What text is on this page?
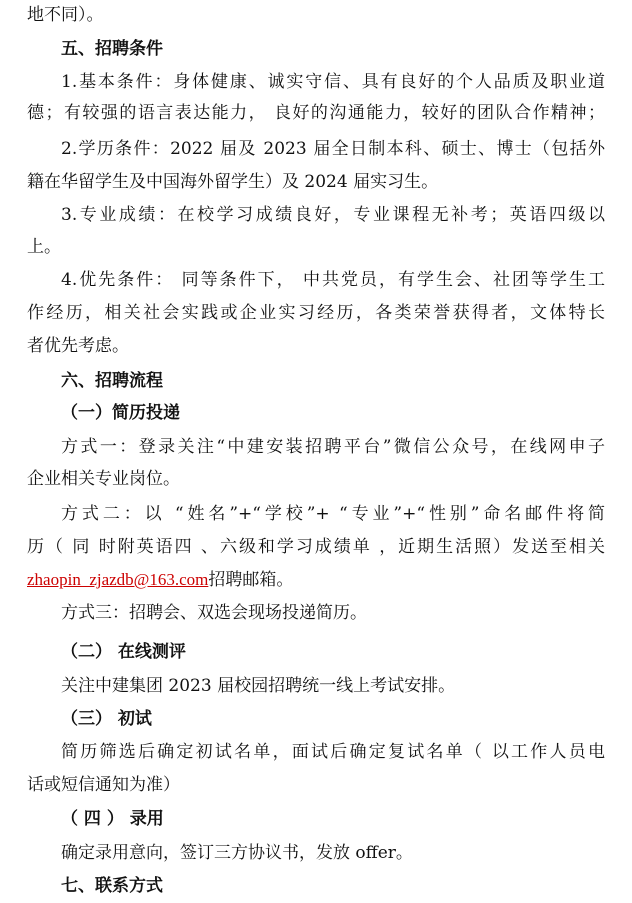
地不同）。
五、招聘条件
1.基本条件：身体健康、诚实守信、具有良好的个人品质及职业道
德；有较强的语言表达能力， 良好的沟通能力，较好的团队合作精神；
2.学历条件：2022 届及 2023 届全日制本科、硕士、博士（包括外
籍在华留学生及中国海外留学生）及 2024 届实习生。
3.专业成绩：在校学习成绩良好，专业课程无补考；英语四级以
上。
4.优先条件： 同等条件下， 中共党员，有学生会、社团等学生工
作经历，相关社会实践或企业实习经历，各类荣誉获得者，文体特长
者优先考虑。
六、招聘流程
（一）简历投递
方式一：登录关注“中建安装招聘平台”微信公众号，在线网申子
企业相关专业岗位。
方式二：以 “姓名”+“学校”+ “专业”+“性别”命名邮件将简
历（ 同 时附英语四 、六级和学习成绩单 ，近期生活照）发送至相关
zhaopin_zjazdb@163.com招聘邮箱。
方式三：招聘会、双选会现场投递简历。
（二） 在线测评
关注中建集团 2023 届校园招聘统一线上考试安排。
（三） 初试
简历筛选后确定初试名单，面试后确定复试名单（ 以工作人员电
话或短信通知为准）
（ 四 ） 录用
确定录用意向，签订三方协议书，发放 offer。
七、联系方式
